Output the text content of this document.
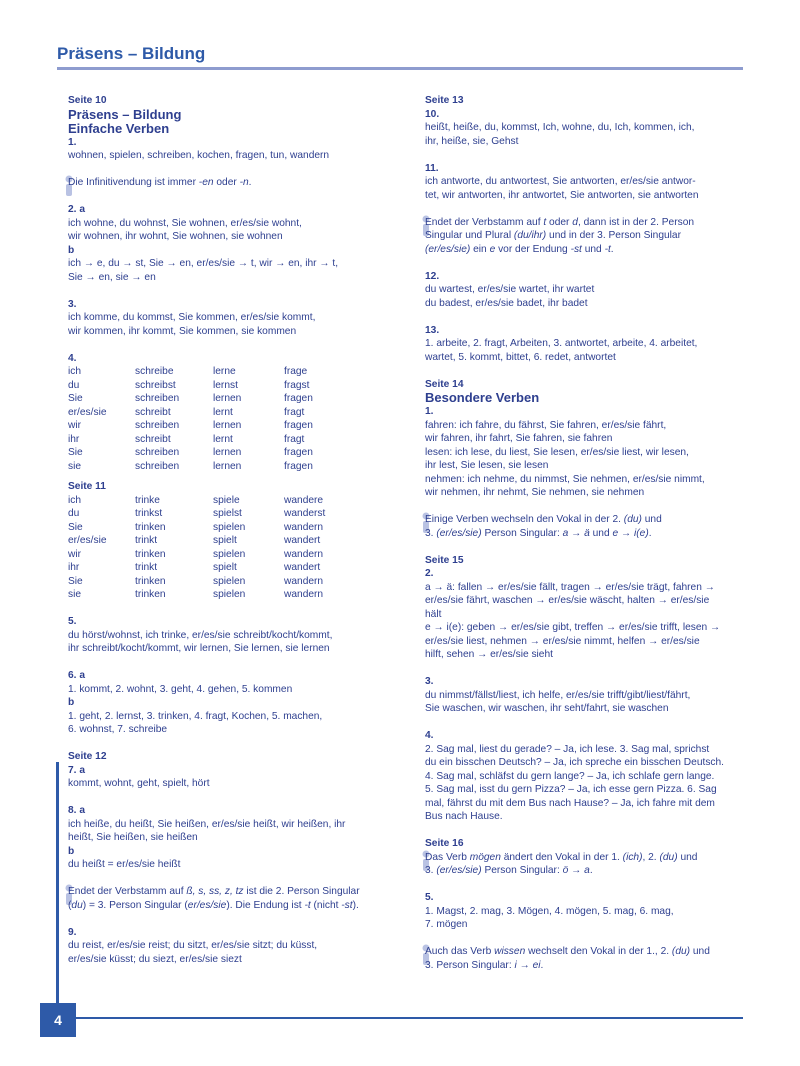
Präsens – Bildung

Seite 10

Präsens – Bildung

Einfache Verben

1.

wohnen, spielen, schreiben, kochen, fragen, tun, wandern

Die Infinitivendung ist immer -en oder -n.

2. a

ich wohne, du wohnst, Sie wohnen, er/es/sie wohnt,

wir wohnen, ihr wohnt, Sie wohnen, sie wohnen

b

ich → e, du → st, Sie → en, er/es/sie → t, wir → en, ihr → t,

Sie → en, sie → en

3.

ich komme, du kommst, Sie kommen, er/es/sie kommt,

wir kommen, ihr kommt, Sie kommen, sie kommen

4.

ich	schreibe	lerne	frage
du	schreibst	lernst	fragst
Sie	schreiben	lernen	fragen
er/es/sie	schreibt	lernt	fragt
wir	schreiben	lernen	fragen
ihr	schreibt	lernt	fragt
Sie	schreiben	lernen	fragen
sie	schreiben	lernen	fragen

Seite 11

ich	trinke	spiele	wandere
du	trinkst	spielst	wanderst
Sie	trinken	spielen	wandern
er/es/sie	trinkt	spielt	wandert
wir	trinken	spielen	wandern
ihr	trinkt	spielt	wandert
Sie	trinken	spielen	wandern
sie	trinken	spielen	wandern

5.

du hörst/wohnst, ich trinke, er/es/sie schreibt/kocht/kommt,

ihr schreibt/kocht/kommt, wir lernen, Sie lernen, sie lernen

6. a

1. kommt, 2. wohnt, 3. geht, 4. gehen, 5. kommen

b

1. geht, 2. lernst, 3. trinken, 4. fragt, Kochen, 5. machen,

6. wohnst, 7. schreibe

Seite 12

7. a

kommt, wohnt, geht, spielt, hört

8. a

ich heiße, du heißt, Sie heißen, er/es/sie heißt, wir heißen, ihr

heißt, Sie heißen, sie heißen

b

du heißt = er/es/sie heißt

Endet der Verbstamm auf ß, s, ss, z, tz ist die 2. Person Singular
(du) = 3. Person Singular (er/es/sie). Die Endung ist -t (nicht -st).

9.

du reist, er/es/sie reist; du sitzt, er/es/sie sitzt; du küsst,

er/es/sie küsst; du siezt, er/es/sie siezt

Seite 13

10.

heißt, heiße, du, kommst, Ich, wohne, du, Ich, kommen, ich,

ihr, heiße, sie, Gehst

11.

ich antworte, du antwortest, Sie antworten, er/es/sie antwor-

tet, wir antworten, ihr antwortet, Sie antworten, sie antworten

Endet der Verbstamm auf t oder d, dann ist in der 2. Person
Singular und Plural (du/ihr) und in der 3. Person Singular
(er/es/sie) ein e vor der Endung -st und -t.

12.

du wartest, er/es/sie wartet, ihr wartet

du badest, er/es/sie badet, ihr badet

13.

1. arbeite, 2. fragt, Arbeiten, 3. antwortet, arbeite, 4. arbeitet,

wartet, 5. kommt, bittet, 6. redet, antwortet

Seite 14

Besondere Verben

1.

fahren: ich fahre, du fährst, Sie fahren, er/es/sie fährt,

wir fahren, ihr fahrt, Sie fahren, sie fahren

lesen: ich lese, du liest, Sie lesen, er/es/sie liest, wir lesen,

ihr lest, Sie lesen, sie lesen

nehmen: ich nehme, du nimmst, Sie nehmen, er/es/sie nimmt,

wir nehmen, ihr nehmt, Sie nehmen, sie nehmen

Einige Verben wechseln den Vokal in der 2. (du) und
3. (er/es/sie) Person Singular: a → ä und e → i(e).

Seite 15

2.

a → ä: fallen → er/es/sie fällt, tragen → er/es/sie trägt, fahren →

er/es/sie fährt, waschen → er/es/sie wäscht, halten → er/es/sie

hält

e → i(e): geben → er/es/sie gibt, treffen → er/es/sie trifft, lesen →

er/es/sie liest, nehmen → er/es/sie nimmt, helfen → er/es/sie

hilft, sehen → er/es/sie sieht

3.

du nimmst/fällst/liest, ich helfe, er/es/sie trifft/gibt/liest/fährt,

Sie waschen, wir waschen, ihr seht/fahrt, sie waschen

4.

2. Sag mal, liest du gerade? – Ja, ich lese. 3. Sag mal, sprichst

du ein bisschen Deutsch? – Ja, ich spreche ein bisschen Deutsch.

4. Sag mal, schläfst du gern lange? – Ja, ich schlafe gern lange.

5. Sag mal, isst du gern Pizza? – Ja, ich esse gern Pizza. 6. Sag

mal, fährst du mit dem Bus nach Hause? – Ja, ich fahre mit dem

Bus nach Hause.

Seite 16

Das Verb mögen ändert den Vokal in der 1. (ich), 2. (du) und
3. (er/es/sie) Person Singular: ö → a.

5.

1. Magst, 2. mag, 3. Mögen, 4. mögen, 5. mag, 6. mag,

7. mögen

Auch das Verb wissen wechselt den Vokal in der 1., 2. (du) und
3. Person Singular: i → ei.

4
